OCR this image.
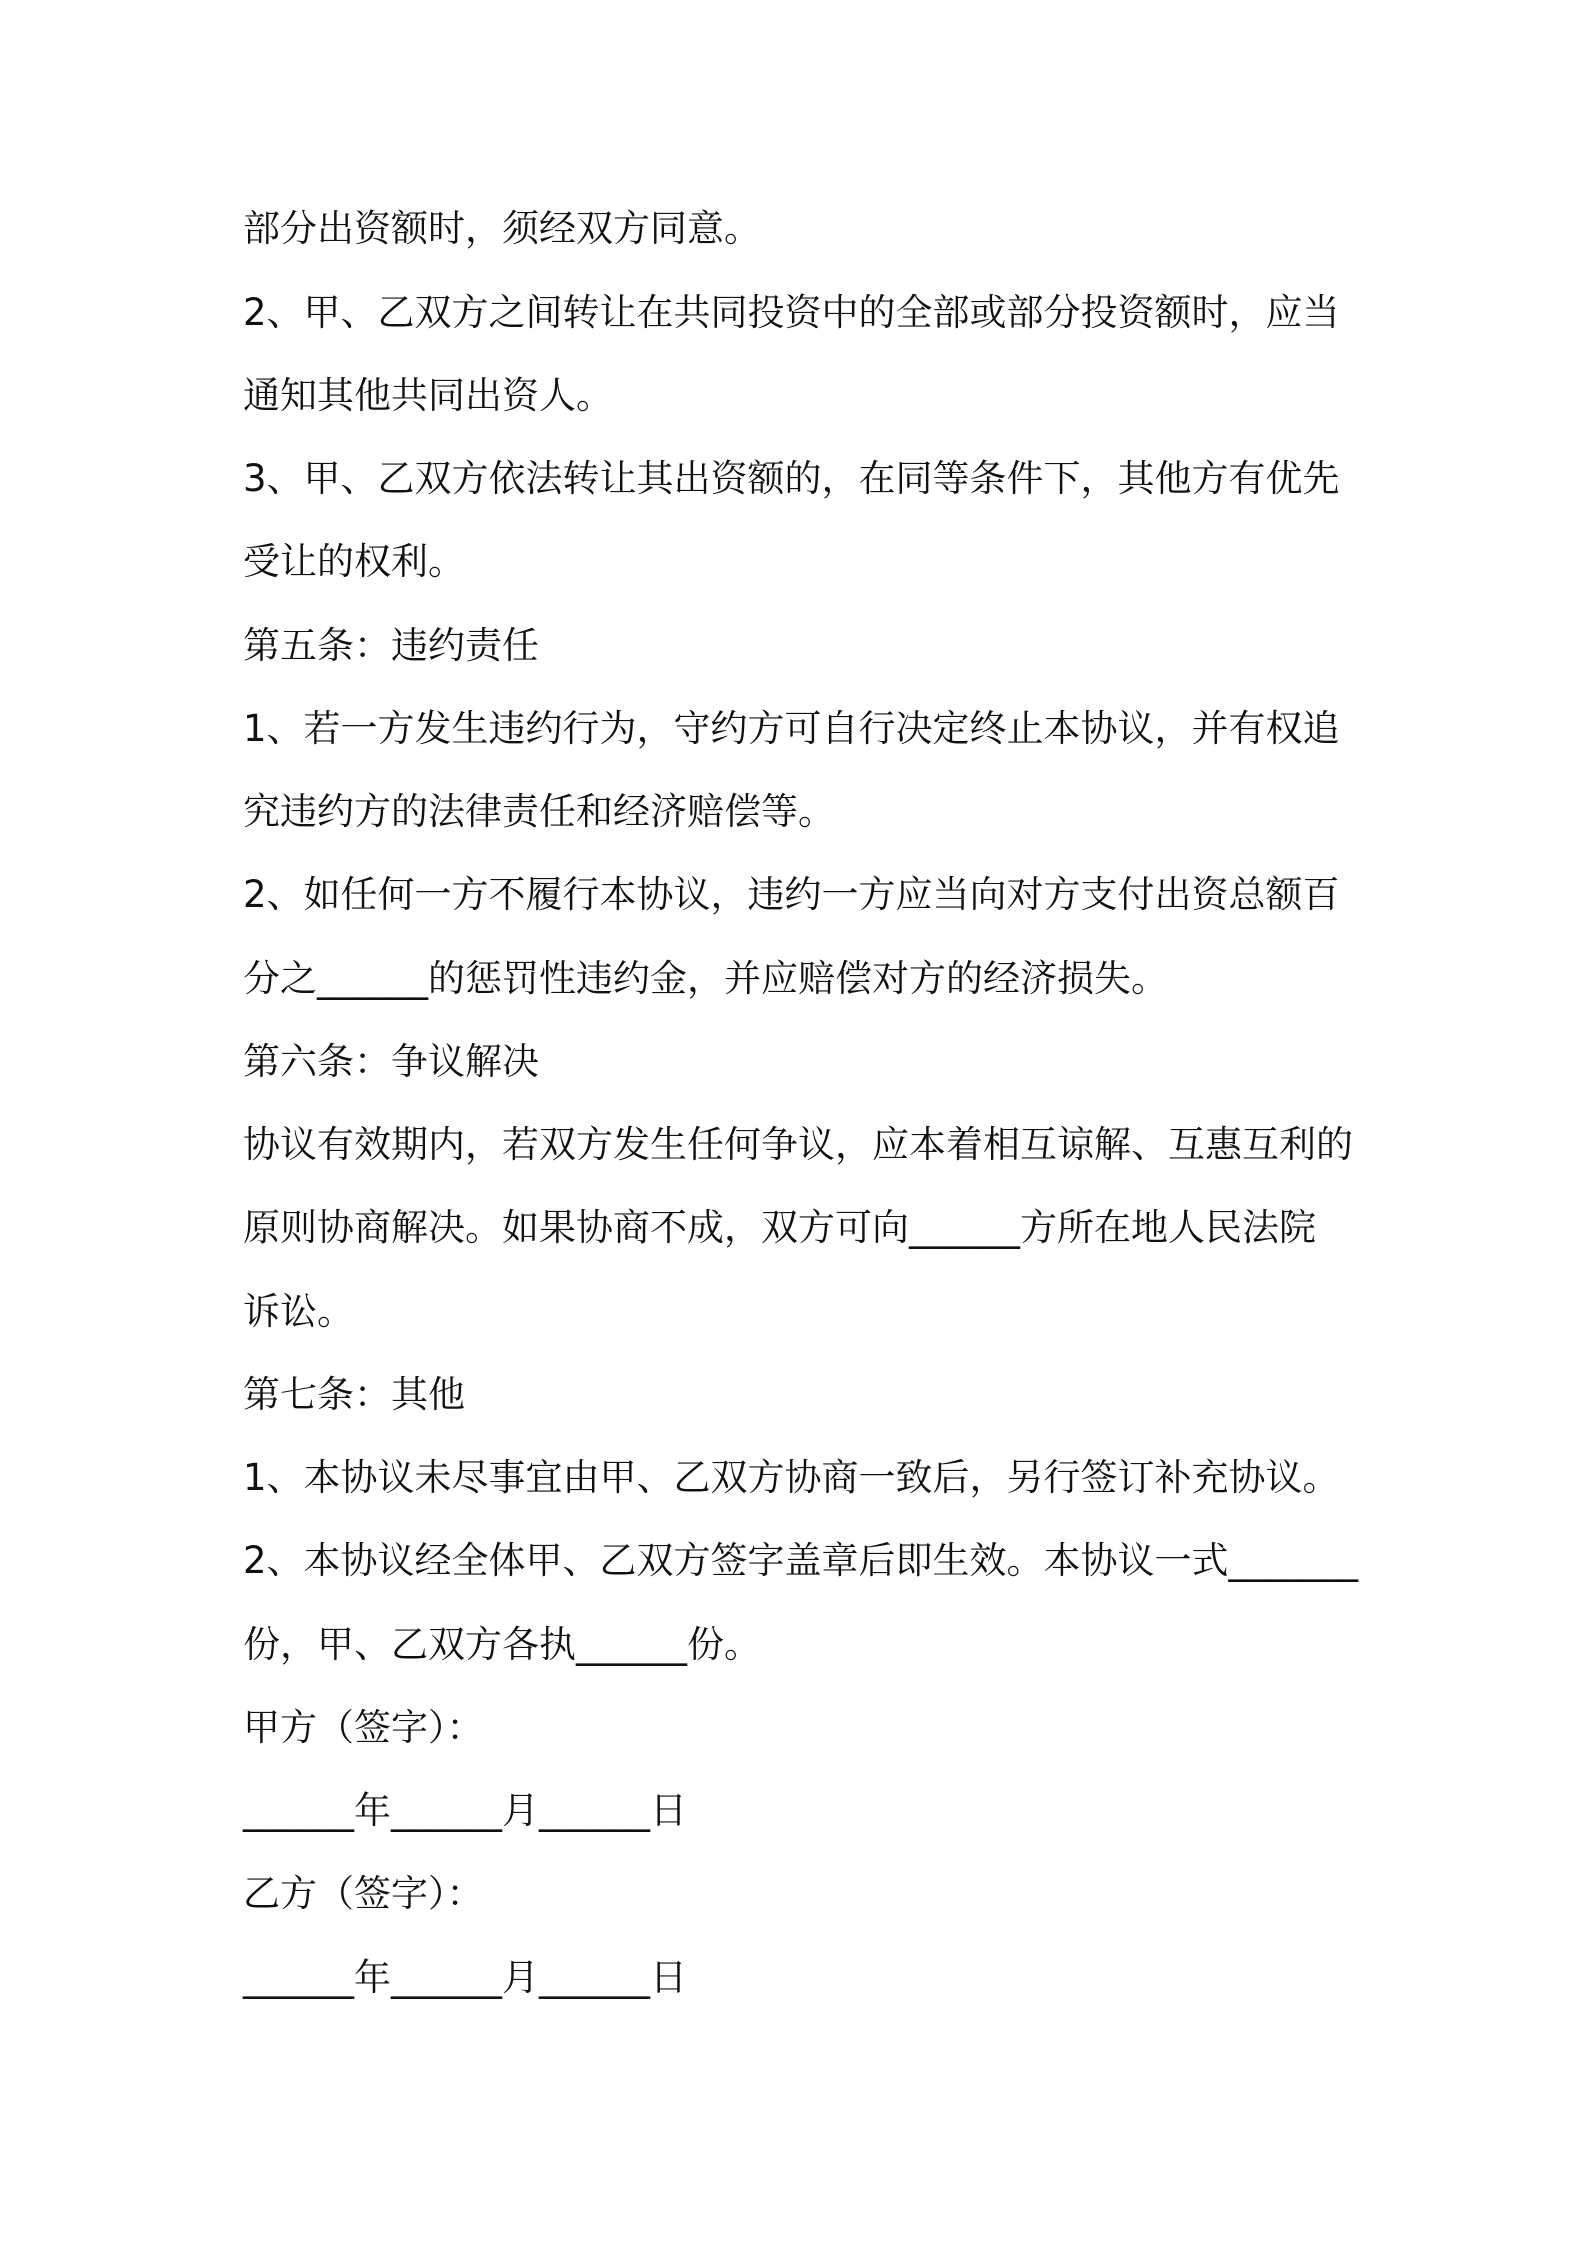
部分出资额时，须经双方同意。
2、甲、乙双方之间转让在共同投资中的全部或部分投资额时，应当
通知其他共同出资人。
3、甲、乙双方依法转让其出资额的，在同等条件下，其他方有优先
受让的权利。
第五条：违约责任
1、若一方发生违约行为，守约方可自行决定终止本协议，并有权追
究违约方的法律责任和经济赔偿等。
2、如任何一方不履行本协议，违约一方应当向对方支付出资总额百
分之______的惩罚性违约金，并应赔偿对方的经济损失。
第六条：争议解决
协议有效期内，若双方发生任何争议，应本着相互谅解、互惠互利的
原则协商解决。如果协商不成，双方可向______方所在地人民法院
诉讼。
第七条：其他
1、本协议未尽事宜由甲、乙双方协商一致后，另行签订补充协议。
2、本协议经全体甲、乙双方签字盖章后即生效。本协议一式_______
份，甲、乙双方各执______份。
甲方（签字）：
______年______月______日
乙方（签字）：
______年______月______日
